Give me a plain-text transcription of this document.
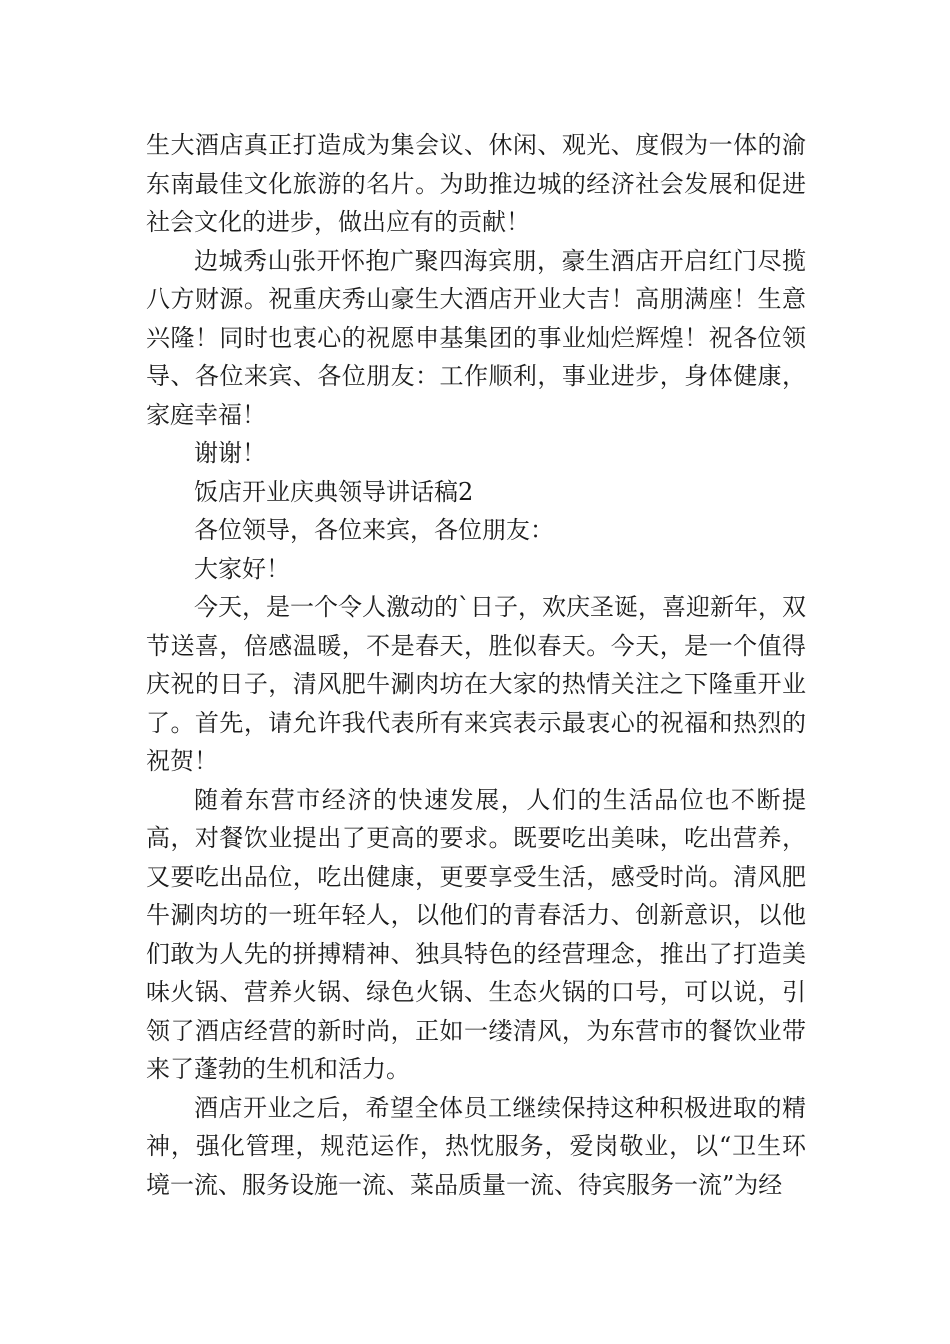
生大酒店真正打造成为集会议、休闲、观光、度假为一体的渝东南最佳文化旅游的名片。为助推边城的经济社会发展和促进社会文化的进步，做出应有的贡献！

边城秀山张开怀抱广聚四海宾朋，豪生酒店开启红门尽揽八方财源。祝重庆秀山豪生大酒店开业大吉！高朋满座！生意兴隆！同时也衷心的祝愿申基集团的事业灿烂辉煌！祝各位领导、各位来宾、各位朋友：工作顺利，事业进步，身体健康，家庭幸福！

谢谢！

饭店开业庆典领导讲话稿2

各位领导，各位来宾，各位朋友：

大家好！

今天，是一个令人激动的`日子，欢庆圣诞，喜迎新年，双节送喜，倍感温暖，不是春天，胜似春天。今天，是一个值得庆祝的日子，清风肥牛涮肉坊在大家的热情关注之下隆重开业了。首先，请允许我代表所有来宾表示最衷心的祝福和热烈的祝贺！

随着东营市经济的快速发展，人们的生活品位也不断提高，对餐饮业提出了更高的要求。既要吃出美味，吃出营养，又要吃出品位，吃出健康，更要享受生活，感受时尚。清风肥牛涮肉坊的一班年轻人，以他们的青春活力、创新意识，以他们敢为人先的拼搏精神、独具特色的经营理念，推出了打造美味火锅、营养火锅、绿色火锅、生态火锅的口号，可以说，引领了酒店经营的新时尚，正如一缕清风，为东营市的餐饮业带来了蓬勃的生机和活力。

酒店开业之后，希望全体员工继续保持这种积极进取的精神，强化管理，规范运作，热忱服务，爱岗敬业，以“卫生环境一流、服务设施一流、菜品质量一流、待宾服务一流”为经
